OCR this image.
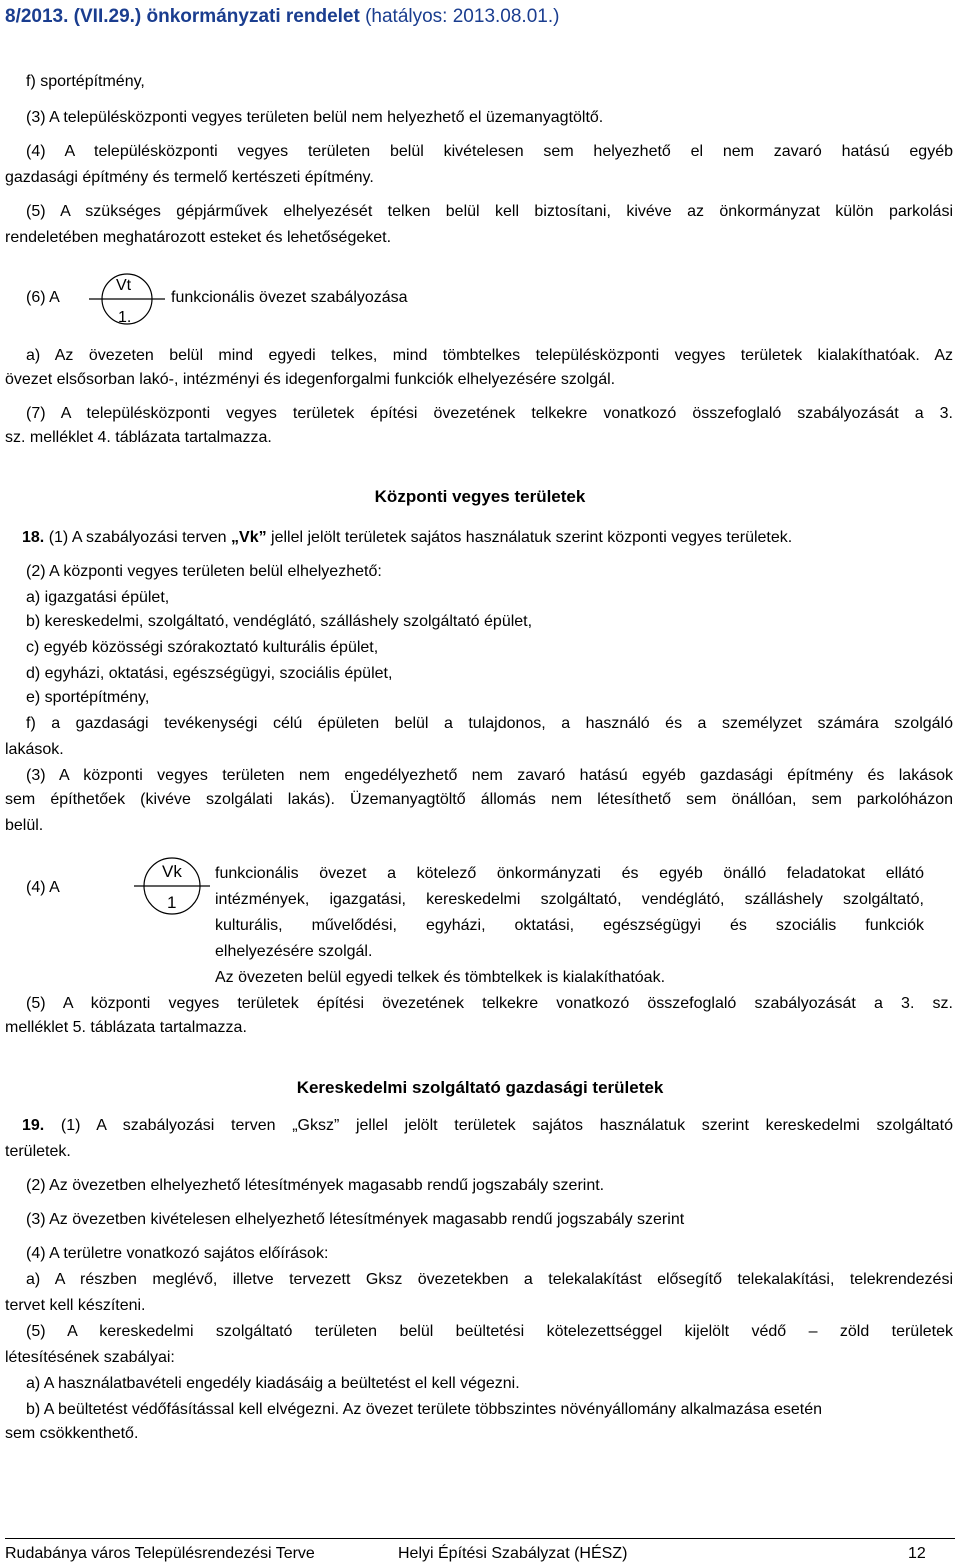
8/2013. (VII.29.) önkormányzati rendelet (hatályos: 2013.08.01.)
f) sportépítmény,
(3) A településközponti vegyes területen belül nem helyezhető el üzemanyagtöltő.
(4) A településközponti vegyes területen belül kivételesen sem helyezhető el nem zavaró hatású egyéb
gazdasági építmény és termelő kertészeti építmény.
(5) A szükséges gépjárművek elhelyezését telken belül kell biztosítani, kivéve az önkormányzat külön parkolási
rendeletében meghatározott esteket és lehetőségeket.
(6) A
Vt
1.
funkcionális övezet szabályozása
a) Az övezeten belül mind egyedi telkes, mind tömbtelkes településközponti vegyes területek kialakíthatóak. Az
övezet elsősorban lakó-, intézményi és idegenforgalmi funkciók elhelyezésére szolgál.
(7) A településközponti vegyes területek építési övezetének telkekre vonatkozó összefoglaló szabályozását a 3.
sz. melléklet 4. táblázata tartalmazza.
Központi vegyes területek
18. (1) A szabályozási terven „Vk” jellel jelölt területek sajátos használatuk szerint központi vegyes területek.
(2) A központi vegyes területen belül elhelyezhető:
a) igazgatási épület,
b) kereskedelmi, szolgáltató, vendéglátó, szálláshely szolgáltató épület,
c) egyéb közösségi szórakoztató kulturális épület,
d) egyházi, oktatási, egészségügyi, szociális épület,
e) sportépítmény,
f) a gazdasági tevékenységi célú épületen belül a tulajdonos, a használó és a személyzet számára szolgáló
lakások.
(3) A központi vegyes területen nem engedélyezhető nem zavaró hatású egyéb gazdasági építmény és lakások
sem építhetőek (kivéve szolgálati lakás). Üzemanyagtöltő állomás nem létesíthető sem önállóan, sem parkolóházon
belül.
(4) A
Vk
1
funkcionális övezet a kötelező önkormányzati és egyéb önálló feladatokat ellátó
intézmények, igazgatási, kereskedelmi szolgáltató, vendéglátó, szálláshely szolgáltató,
kulturális, művelődési, egyházi, oktatási, egészségügyi és szociális funkciók
elhelyezésére szolgál.
Az övezeten belül egyedi telkek és tömbtelkek is kialakíthatóak.
(5) A központi vegyes területek építési övezetének telkekre vonatkozó összefoglaló szabályozását a 3. sz.
melléklet 5. táblázata tartalmazza.
Kereskedelmi szolgáltató gazdasági területek
19. (1) A szabályozási terven „Gksz” jellel jelölt területek sajátos használatuk szerint kereskedelmi szolgáltató
területek.
(2) Az övezetben elhelyezhető létesítmények magasabb rendű jogszabály szerint.
(3) Az övezetben kivételesen elhelyezhető létesítmények magasabb rendű jogszabály szerint
(4) A területre vonatkozó sajátos előírások:
a) A részben meglévő, illetve tervezett Gksz övezetekben a telekalakítást elősegítő telekalakítási, telekrendezési
tervet kell készíteni.
(5) A kereskedelmi szolgáltató területen belül beültetési kötelezettséggel kijelölt védő – zöld területek
létesítésének szabályai:
a) A használatbavételi engedély kiadásáig a beültetést el kell végezni.
b) A beültetést védőfásítással kell elvégezni. Az övezet területe többszintes növényállomány alkalmazása esetén
sem csökkenthető.
Rudabánya város Településrendezési Terve	Helyi Építési Szabályzat (HÉSZ)	12
